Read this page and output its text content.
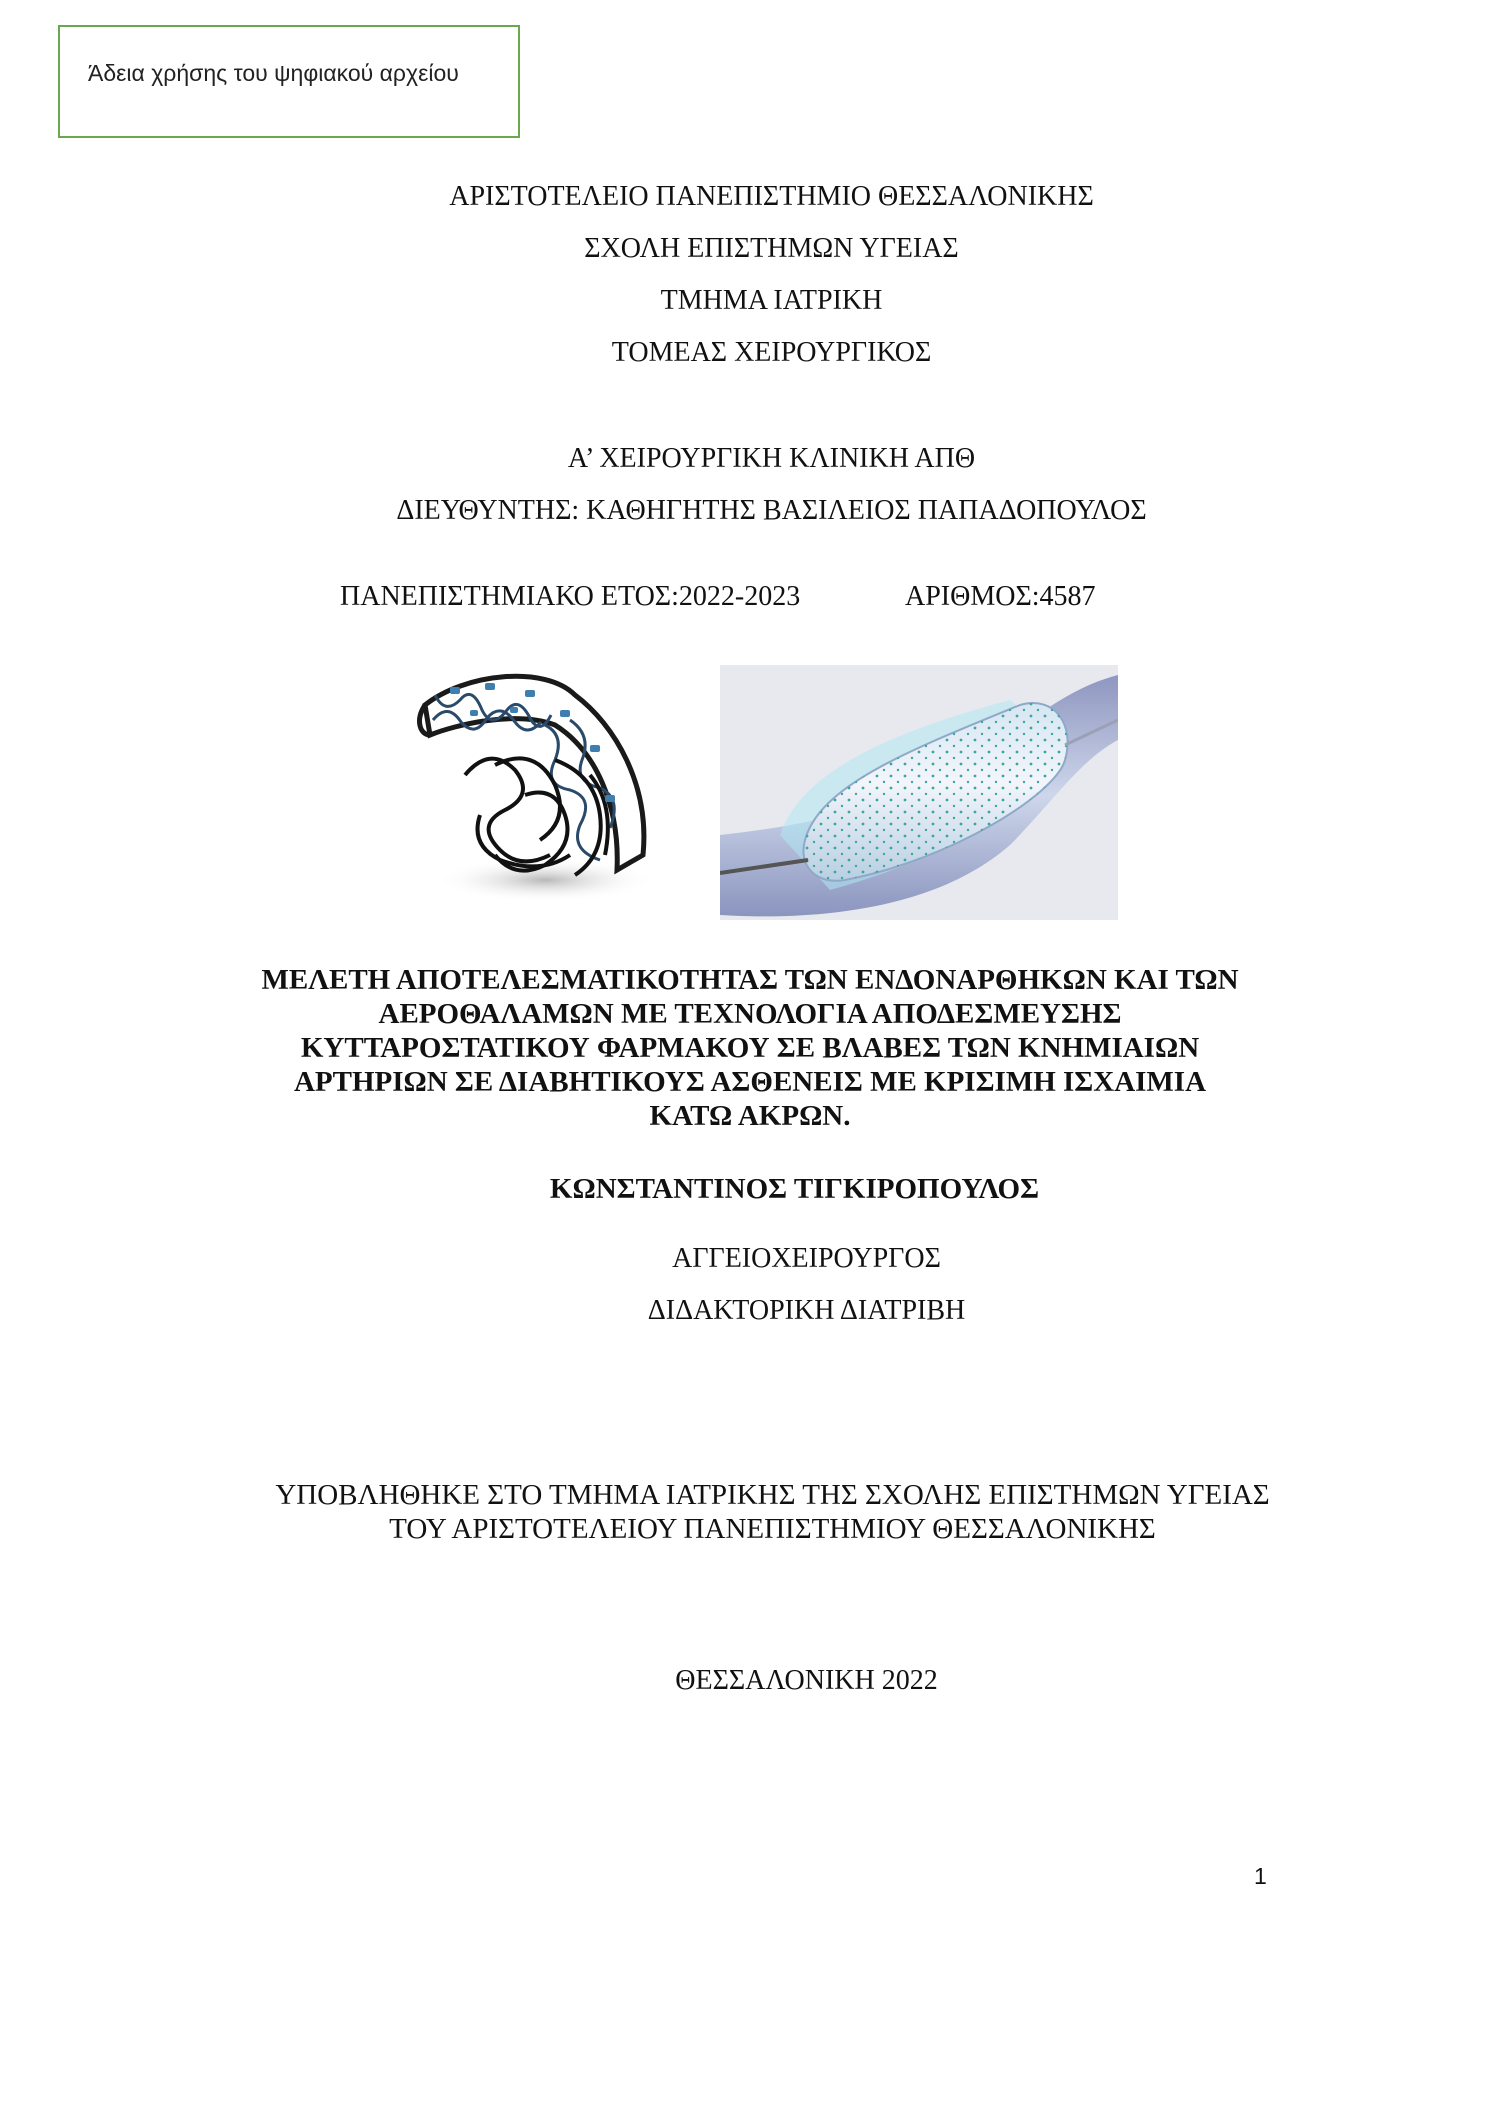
Άδεια χρήσης του ψηφιακού αρχείου
ΑΡΙΣΤΟΤΕΛΕΙΟ ΠΑΝΕΠΙΣΤΗΜΙΟ ΘΕΣΣΑΛΟΝΙΚΗΣ
ΣΧΟΛΗ ΕΠΙΣΤΗΜΩΝ ΥΓΕΙΑΣ
ΤΜΗΜΑ ΙΑΤΡΙΚΗ
ΤΟΜΕΑΣ ΧΕΙΡΟΥΡΓΙΚΟΣ
Α’ ΧΕΙΡΟΥΡΓΙΚΗ ΚΛΙΝΙΚΗ ΑΠΘ
ΔΙΕΥΘΥΝΤΗΣ: ΚΑΘΗΓΗΤΗΣ ΒΑΣΙΛΕΙΟΣ ΠΑΠΑΔΟΠΟΥΛΟΣ
ΠΑΝΕΠΙΣΤΗΜΙΑΚΟ ΕΤΟΣ:2022-2023	ΑΡΙΘΜΟΣ:4587
ΜΕΛΕΤΗ ΑΠΟΤΕΛΕΣΜΑΤΙΚΟΤΗΤΑΣ ΤΩΝ ΕΝΔΟΝΑΡΘΗΚΩΝ ΚΑΙ ΤΩΝ ΑΕΡΟΘΑΛΑΜΩΝ ΜΕ ΤΕΧΝΟΛΟΓΙΑ ΑΠΟΔΕΣΜΕΥΣΗΣ ΚΥΤΤΑΡΟΣΤΑΤΙΚΟΥ ΦΑΡΜΑΚΟΥ ΣΕ ΒΛΑΒΕΣ ΤΩΝ ΚΝΗΜΙΑΙΩΝ ΑΡΤΗΡΙΩΝ ΣΕ ΔΙΑΒΗΤΙΚΟΥΣ ΑΣΘΕΝΕΙΣ ΜΕ ΚΡΙΣΙΜΗ ΙΣΧΑΙΜΙΑ ΚΑΤΩ ΑΚΡΩΝ.
ΚΩΝΣΤΑΝΤΙΝΟΣ ΤΙΓΚΙΡΟΠΟΥΛΟΣ
ΑΓΓΕΙΟΧΕΙΡΟΥΡΓΟΣ
ΔΙΔΑΚΤΟΡΙΚΗ ΔΙΑΤΡΙΒΗ
ΥΠΟΒΛΗΘΗΚΕ ΣΤΟ ΤΜΗΜΑ ΙΑΤΡΙΚΗΣ ΤΗΣ ΣΧΟΛΗΣ ΕΠΙΣΤΗΜΩΝ ΥΓΕΙΑΣ
ΤΟΥ ΑΡΙΣΤΟΤΕΛΕΙΟΥ ΠΑΝΕΠΙΣΤΗΜΙΟΥ ΘΕΣΣΑΛΟΝΙΚΗΣ
ΘΕΣΣΑΛΟΝΙΚΗ 2022
1
